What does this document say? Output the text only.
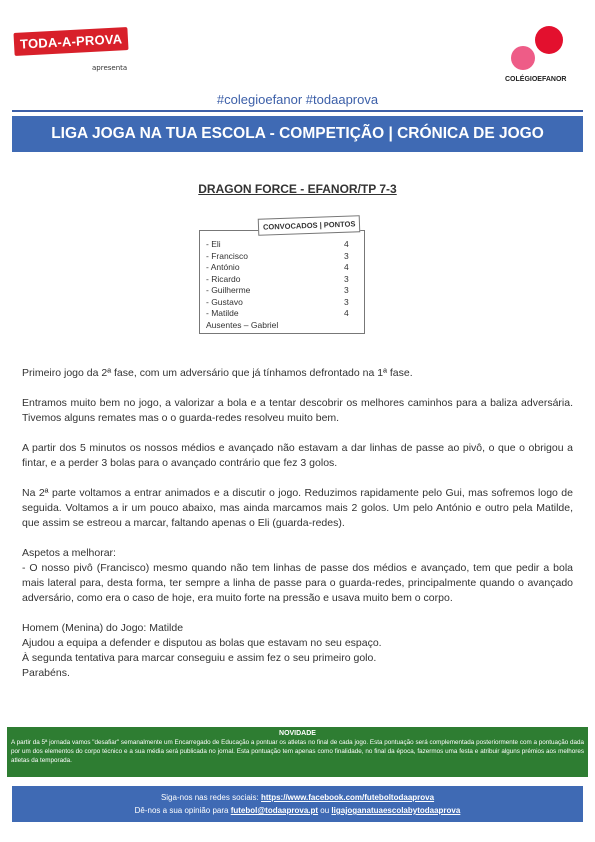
TODA-A-PROVA
apresenta
COLÉGIOEFANOR
#colegioefanor #todaaprova
LIGA JOGA NA TUA ESCOLA - COMPETIÇÃO | CRÓNICA DE JOGO
DRAGON FORCE - EFANOR/TP 7-3
CONVOCADOS | PONTOS
- Eli	4
- Francisco	3
- António	4
- Ricardo	3
- Guilherme	3
- Gustavo	3
- Matilde	4
Ausentes – Gabriel

Primeiro jogo da 2ª fase, com um adversário que já tínhamos defrontado na 1ª fase.

Entramos muito bem no jogo, a valorizar a bola e a tentar descobrir os melhores caminhos para a baliza adversária. Tivemos alguns remates mas o o guarda-redes resolveu muito bem.

A partir dos 5 minutos os nossos médios e avançado não estavam a dar linhas de passe ao pivô, o que o obrigou a fintar, e a perder 3 bolas para o avançado contrário que fez 3 golos.

Na 2ª parte voltamos a entrar animados e a discutir o jogo. Reduzimos rapidamente pelo Gui, mas sofremos logo de seguida. Voltamos a ir um pouco abaixo, mas ainda marcamos mais 2 golos. Um pelo António e outro pela Matilde, que assim se estreou a marcar, faltando apenas o Eli (guarda-redes).

Aspetos a melhorar:
- O nosso pivô (Francisco) mesmo quando não tem linhas de passe dos médios e avançado, tem que pedir a bola mais lateral para, desta forma, ter sempre a linha de passe para o guarda-redes, principalmente quando o avançado adversário, como era o caso de hoje, era muito forte na pressão e usava muito bem o corpo.

Homem (Menina) do Jogo: Matilde
Ajudou a equipa a defender e disputou as bolas que estavam no seu espaço.
À segunda tentativa para marcar conseguiu e assim fez o seu primeiro golo.
Parabéns.

NOVIDADE
A partir da 5ª jornada vamos "desafiar" semanalmente um Encarregado de Educação a pontuar os atletas no final de cada jogo. Esta pontuação será complementada posteriormente com a pontuação dada por um dos elementos do corpo técnico e a sua média será publicada no jornal. Esta pontuação tem apenas como finalidade, no final da época, fazermos uma festa e atribuir alguns prémios aos melhores atletas da temporada.
Siga-nos nas redes sociais: https://www.facebook.com/futeboltodaaprova
Dê-nos a sua opinião para futebol@todaaprova.pt ou ligajoganatuaescolabytodaaprova
